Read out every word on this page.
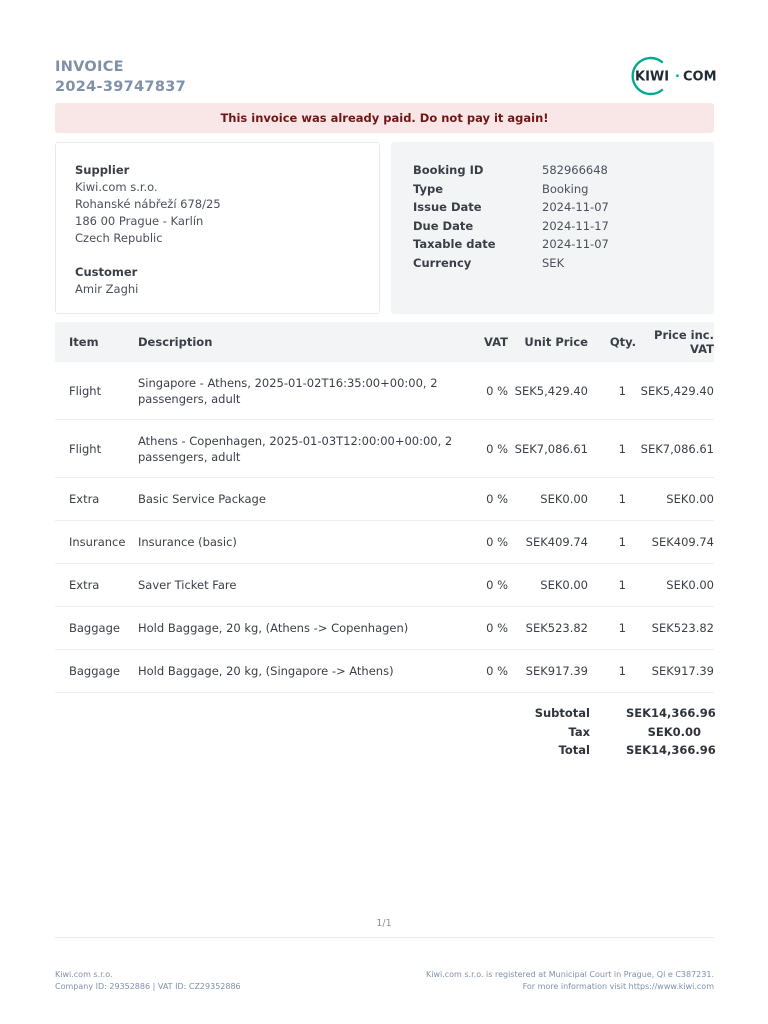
INVOICE
2024-39747837
KIWI · COM
This invoice was already paid. Do not pay it again!
Supplier
Kiwi.com s.r.o.
Rohanské nábřeží 678/25
186 00 Prague - Karlín
Czech Republic
Customer
Amir Zaghi
Booking ID	582966648
Type	Booking
Issue Date	2024-11-07
Due Date	2024-11-17
Taxable date	2024-11-07
Currency	SEK
Item	Description	VAT	Unit Price	Qty.	Price inc. VAT
Flight	Singapore - Athens, 2025-01-02T16:35:00+00:00, 2 passengers, adult	0 %	SEK5,429.40	1	SEK5,429.40
Flight	Athens - Copenhagen, 2025-01-03T12:00:00+00:00, 2 passengers, adult	0 %	SEK7,086.61	1	SEK7,086.61
Extra	Basic Service Package	0 %	SEK0.00	1	SEK0.00
Insurance	Insurance (basic)	0 %	SEK409.74	1	SEK409.74
Extra	Saver Ticket Fare	0 %	SEK0.00	1	SEK0.00
Baggage	Hold Baggage, 20 kg, (Athens -> Copenhagen)	0 %	SEK523.82	1	SEK523.82
Baggage	Hold Baggage, 20 kg, (Singapore -> Athens)	0 %	SEK917.39	1	SEK917.39
Subtotal	SEK14,366.96
Tax	SEK0.00
Total	SEK14,366.96
1/1
Kiwi.com s.r.o.
Company ID: 29352886 | VAT ID: CZ29352886
Kiwi.com s.r.o. is registered at Municipal Court in Prague, Ql e C387231.
For more information visit https://www.kiwi.com
